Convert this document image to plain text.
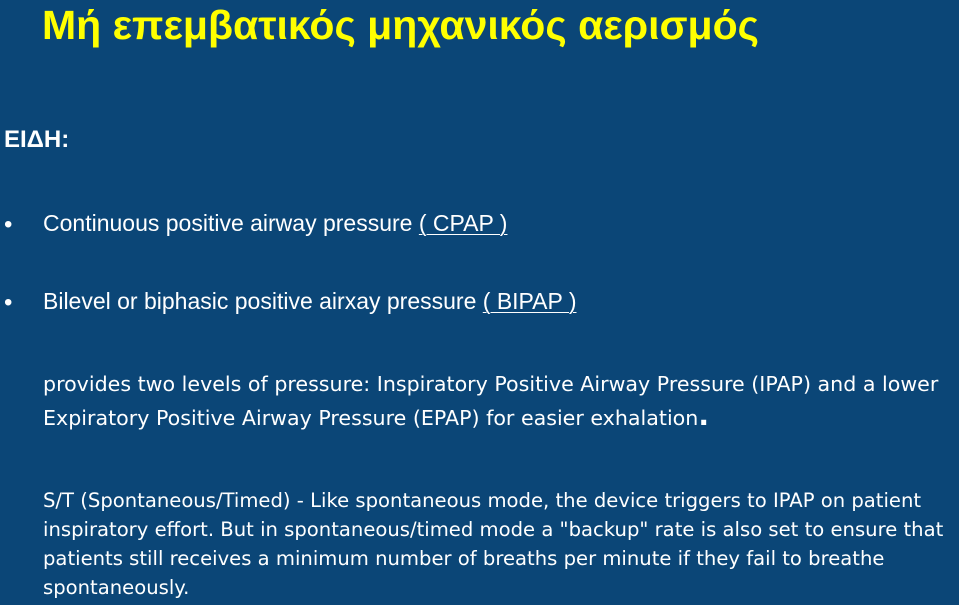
Μή επεμβατικός μηχανικός αερισμός
ΕΙΔΗ:
• Continuous positive airway pressure ( CPAP )
• Bilevel or biphasic positive airxay pressure ( BIPAP )

provides two levels of pressure: Inspiratory Positive Airway Pressure (IPAP) and a lower Expiratory Positive Airway Pressure (EPAP) for easier exhalation.

S/T (Spontaneous/Timed) - Like spontaneous mode, the device triggers to IPAP on patient inspiratory effort. But in spontaneous/timed mode a "backup" rate is also set to ensure that patients still receives a minimum number of breaths per minute if they fail to breathe spontaneously.
